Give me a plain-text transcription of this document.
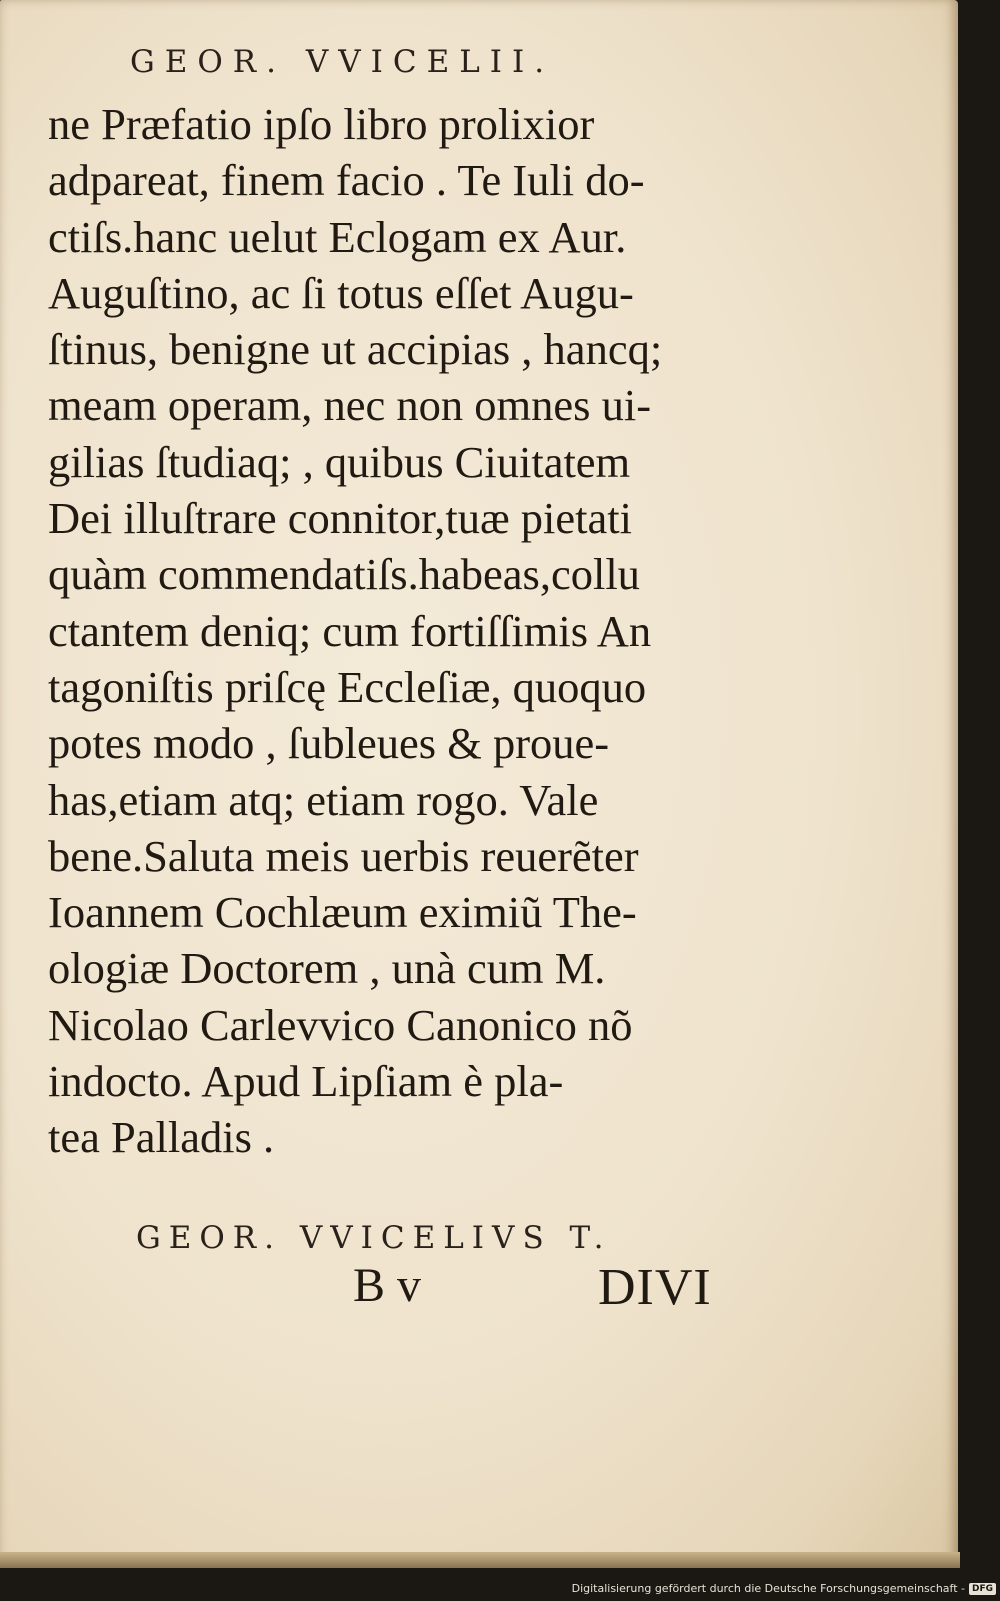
GEOR. VVICELII.
ne Præfatio ipſo libro prolixior
adpareat, finem facio . Te Iuli do-
ctiſs.hanc uelut Eclogam ex Aur.
Auguſtino, ac ſi totus eſſet Augu-
ſtinus, benigne ut accipias , hancq;
meam operam, nec non omnes ui-
gilias ſtudiaq; , quibus Ciuitatem
Dei illuſtrare connitor,tuæ pietati
quàm commendatiſs.habeas,collu
ctantem deniq; cum fortiſſimis An
tagoniſtis priſcę Eccleſiæ, quoquo
potes modo , ſubleues & proue-
has,etiam atq; etiam rogo. Vale
bene.Saluta meis uerbis reuerẽter
Ioannem Cochlæum eximiũ The-
ologiæ Doctorem , unà cum M.
Nicolao Carlevvico Canonico nõ
indocto. Apud Lipſiam è pla-
tea Palladis .
GEOR. VVICELIVS T.
B v	DIVI
Digitalisierung gefördert durch die Deutsche Forschungsgemeinschaft - DFG
